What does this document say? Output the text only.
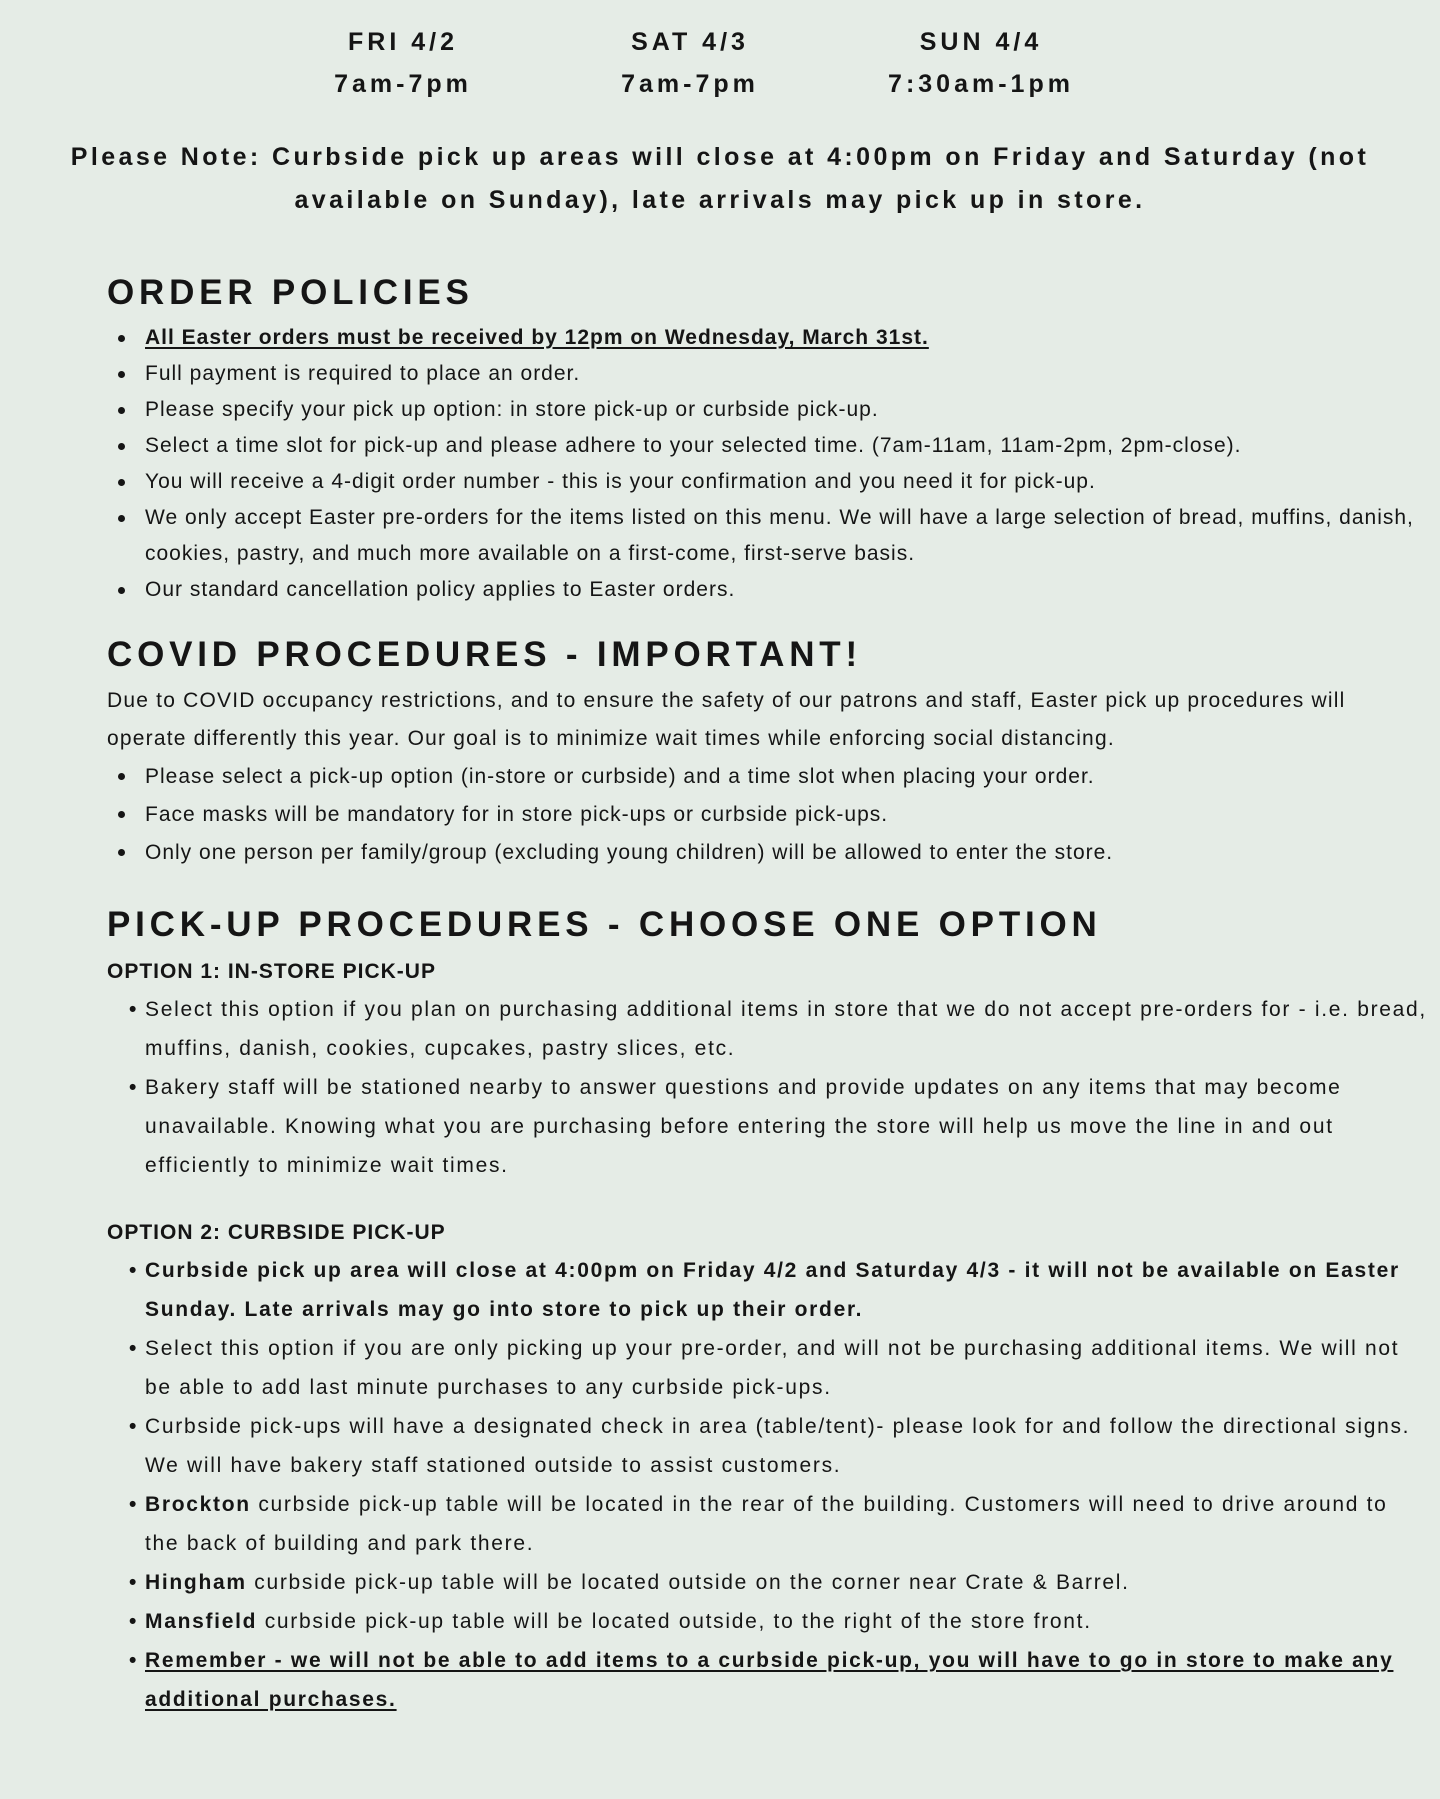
FRI 4/2
7am-7pm
SAT 4/3
7am-7pm
SUN 4/4
7:30am-1pm
Please Note: Curbside pick up areas will close at 4:00pm on Friday and Saturday (not available on Sunday), late arrivals may pick up in store.
ORDER POLICIES
All Easter orders must be received by 12pm on Wednesday, March 31st.
Full payment is required to place an order.
Please specify your pick up option: in store pick-up or curbside pick-up.
Select a time slot for pick-up and please adhere to your selected time. (7am-11am, 11am-2pm, 2pm-close).
You will receive a 4-digit order number - this is your confirmation and you need it for pick-up.
We only accept Easter pre-orders for the items listed on this menu. We will have a large selection of bread, muffins, danish, cookies, pastry, and much more available on a first-come, first-serve basis.
Our standard cancellation policy applies to Easter orders.
COVID PROCEDURES - IMPORTANT!

Due to COVID occupancy restrictions, and to ensure the safety of our patrons and staff, Easter pick up procedures will operate differently this year. Our goal is to minimize wait times while enforcing social distancing.

Please select a pick-up option (in-store or curbside) and a time slot when placing your order.
Face masks will be mandatory for in store pick-ups or curbside pick-ups.
Only one person per family/group (excluding young children) will be allowed to enter the store.
PICK-UP PROCEDURES - CHOOSE ONE OPTION
OPTION 1: IN-STORE PICK-UP
• Select this option if you plan on purchasing additional items in store that we do not accept pre-orders for - i.e. bread, muffins, danish, cookies, cupcakes, pastry slices, etc.
• Bakery staff will be stationed nearby to answer questions and provide updates on any items that may become unavailable. Knowing what you are purchasing before entering the store will help us move the line in and out efficiently to minimize wait times.
OPTION 2: CURBSIDE PICK-UP
• Curbside pick up area will close at 4:00pm on Friday 4/2 and Saturday 4/3 - it will not be available on Easter Sunday. Late arrivals may go into store to pick up their order.
• Select this option if you are only picking up your pre-order, and will not be purchasing additional items. We will not be able to add last minute purchases to any curbside pick-ups.
• Curbside pick-ups will have a designated check in area (table/tent)- please look for and follow the directional signs. We will have bakery staff stationed outside to assist customers.
• Brockton curbside pick-up table will be located in the rear of the building. Customers will need to drive around to the back of building and park there.
• Hingham curbside pick-up table will be located outside on the corner near Crate & Barrel.
• Mansfield curbside pick-up table will be located outside, to the right of the store front.
• Remember - we will not be able to add items to a curbside pick-up, you will have to go in store to make any additional purchases.
